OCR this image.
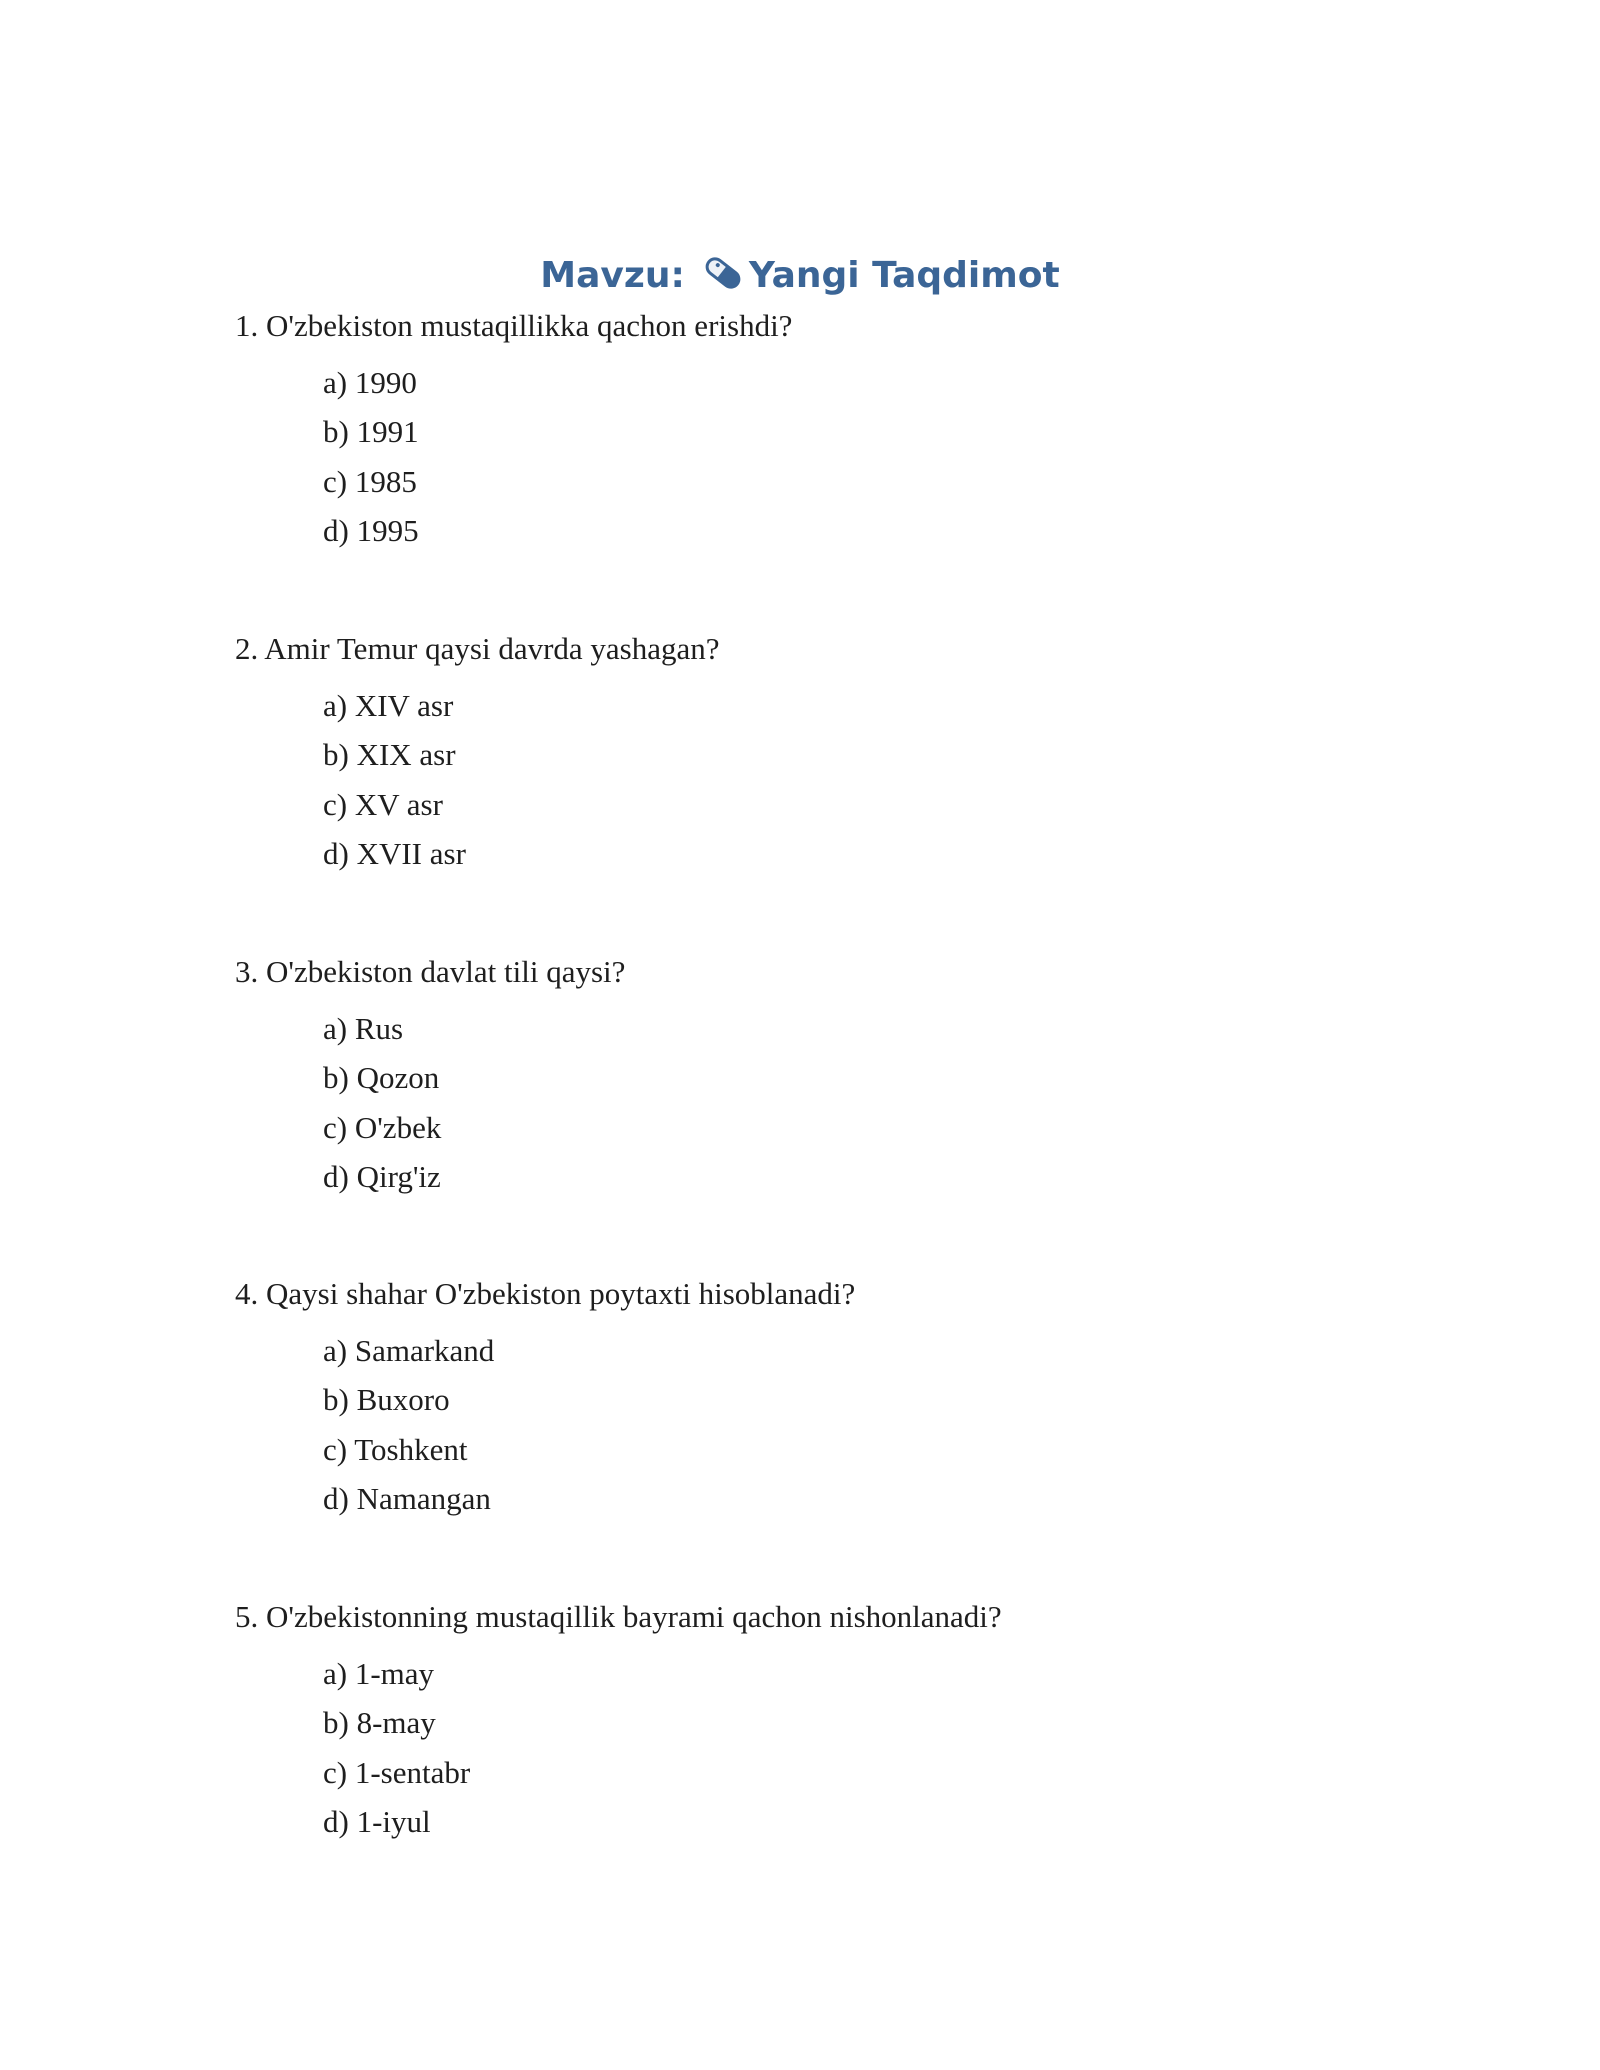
Mavzu: Yangi Taqdimot

1. O'zbekiston mustaqillikka qachon erishdi?

a) 1990
b) 1991
c) 1985
d) 1995

2. Amir Temur qaysi davrda yashagan?

a) XIV asr
b) XIX asr
c) XV asr
d) XVII asr

3. O'zbekiston davlat tili qaysi?

a) Rus
b) Qozon
c) O'zbek
d) Qirg'iz

4. Qaysi shahar O'zbekiston poytaxti hisoblanadi?

a) Samarkand
b) Buxoro
c) Toshkent
d) Namangan

5. O'zbekistonning mustaqillik bayrami qachon nishonlanadi?

a) 1-may
b) 8-may
c) 1-sentabr
d) 1-iyul
